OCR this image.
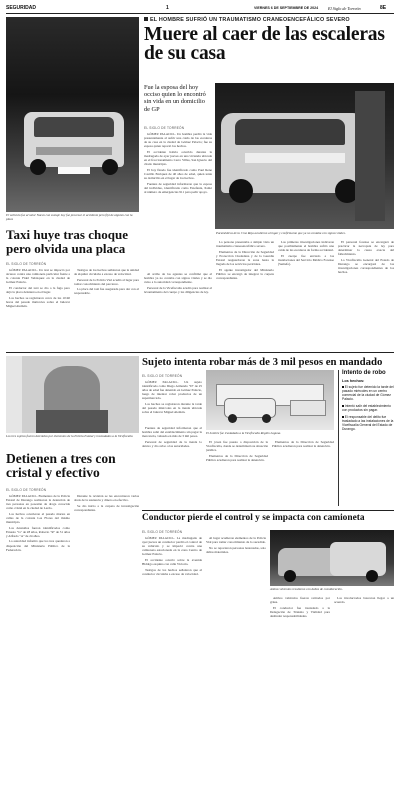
SEGURIDAD	1	VIERNES 6 DE SEPTIEMBRE DE 2024 El Siglo de Torreón	8E
EL HOMBRE SUFRIÓ UN TRAUMATISMO CRANEOENCEFÁLICO SEVERO
Muere al caer de las escaleras de su casa
El vehículo fue al valor Nuevo con sustaje hoy fue procesar el accidente pero fijó de alguien con la placa
Fue la esposa del hoy occiso quien lo encontró sin vida en un domicilio de GP
Paramédicos de la Cruz Roja acudieron al lugar y confirmaron que ya no contaba con signos vitales.
EL SIGLO DE TORREÓN

GÓMEZ PALACIO.- Un hombre perdió la vida presuntamente al sufrir una caída de las escaleras de su casa en la ciudad de Gómez Palacio; fue su esposa quien reportó los hechos.

El accidente habría ocurrido durante la madrugada de ayer jueves en una vivienda ubicada en el fraccionamiento Cerro Villas, San Ignacio del citado municipio.

El hoy finado fue identificado como Paul Rene Castillo Enríquez de 40 años de edad, quien tenía su domicilio en el lugar de los hechos.

Fuentes de seguridad informaron que la esposa del individuo, identificada como Estefanía, llamó al número de emergencias 911 para pedir apoyo.

Al arribo de los agentes se confirmó que el hombre ya no contaba con signos vitales y se dio aviso a la autoridad correspondiente.

Personal de la Vicefiscalía acudió para realizar el levantamiento del cuerpo y las diligencias de ley.

La persona presentaba a simple vista un traumatismo craneoencefálico severo.

Elementos de la Dirección de Seguridad y Protección Ciudadana y de la Guardia Estatal resguardaron la zona hasta la llegada de los servicios periciales.

El agente investigador del Ministerio Público se encargó de integrar la carpeta correspondiente.

Las primeras investigaciones indicaron que posiblemente el hombre sufrió una caída de las escaleras de forma accidental.

El cuerpo fue enviado a las instalaciones del Servicio Médico Forense (Semefo).

El personal forense se encargará de practicar la necropsia de ley para determinar la causa exacta del fallecimiento.

La Vicefiscalía General del Estado de Durango se encargará de las investigaciones correspondientes de los hechos.

Taxi huye tras choque pero olvida una placa
EL SIGLO DE TORREÓN

GÓMEZ PALACIO.- Un taxi se impactó por alcance contra una camioneta particular frente a la colonia Fidel Velázquez en la ciudad de Gómez Palacio.

El conductor del taxi se dio a la fuga pero dejó la placa delantera en el lugar.

Los hechos se registraron cerca de las 10:40 horas del pasado miércoles sobre el bulevar Miguel Alemán.

Testigos de los hechos señalaron que la unidad de alquiler circulaba a exceso de velocidad.

Personal de la Policía Vial acudió al lugar para tomar conocimiento del percance.

La placa del taxi fue asegurada para dar con el responsable.

Sujeto intenta robar más de 3 mil pesos en mandado
Los tres sujetos fueron detenidos por elementos de la Policía Estatal y trasladados a la Vicefiscalía
EL SIGLO DE TORREÓN

GÓMEZ PALACIO.- Un sujeto identificado como Diego Armando "D" de 25 años de edad fue detenido en Gómez Palacio, luego de intentar robar productos de un supermercado.

Los hechos se registraron durante la tarde del pasado miércoles en la tienda ubicada sobre el bulevar Miguel Alemán.

El hombre fue trasladado a la Vicefiscalía Región Laguna.

Fuentes de seguridad informaron que el hombre salió del establecimiento sin pagar la mercancía, valuada en más de 3 mil pesos.

Personal de seguridad de la tienda lo detuvo y dio aviso a las autoridades.

El joven fue puesto a disposición de la Vicefiscalía, donde se determinará su situación jurídica.

Elementos de la Dirección de Seguridad Pública acudieron para realizar la detención.

Elementos de la Dirección de Seguridad Pública acudieron para realizar la detención.

Intento de robo
Los hechos:
El sujeto fue detenido la tarde del pasado miércoles en un centro comercial de la ciudad de Gómez Palacio.
Intentó salir del establecimiento con productos sin pagar.
El responsable del delito fue trasladado a las instalaciones de la Vicefiscalía General del Estado de Durango.
Detienen a tres con cristal y efectivo
EL SIGLO DE TORREÓN

GÓMEZ PALACIO.- Elementos de la Policía Estatal de Durango realizaron la detención de tres personas en posesión de droga conocida como cristal en la ciudad de Lerdo.

Los hechos ocurrieron el pasado martes en calles de la colonia Las Flores del mismo municipio.

Los detenidos fueron identificados como Ernesto "G" de 28 años, Roberto "R" de 31 años y Alfredo "A" de 24 años.

La autoridad informó que los tres quedaron a disposición del Ministerio Público de la Federación.

Durante la revisión se les encontraron varias dosis de la sustancia y dinero en efectivo.

Se dio inicio a la carpeta de investigación correspondiente.

Conductor pierde el control y se impacta con camioneta
EL SIGLO DE TORREÓN

GÓMEZ PALACIO.- La madrugada de ayer jueves un conductor perdió el control de su vehículo y se impactó contra una camioneta estacionada en la zona Centro de Gómez Palacio.

El accidente ocurrió sobre la avenida Hidalgo esquina con calle Victoria.

Testigos de los hechos señalaron que el conductor circulaba a exceso de velocidad.

Al lugar acudieron elementos de la Policía Vial para tomar conocimiento de lo sucedido.

No se reportaron personas lesionadas, solo daños materiales.

Ambos vehículos resultaron con daños de consideración.

Ambos vehículos fueron retirados por grúas.

El conductor fue trasladado a la Delegación de Tránsito y Vialidad para deslindar responsabilidades.

Los involucrados buscaron llegar a un acuerdo.
